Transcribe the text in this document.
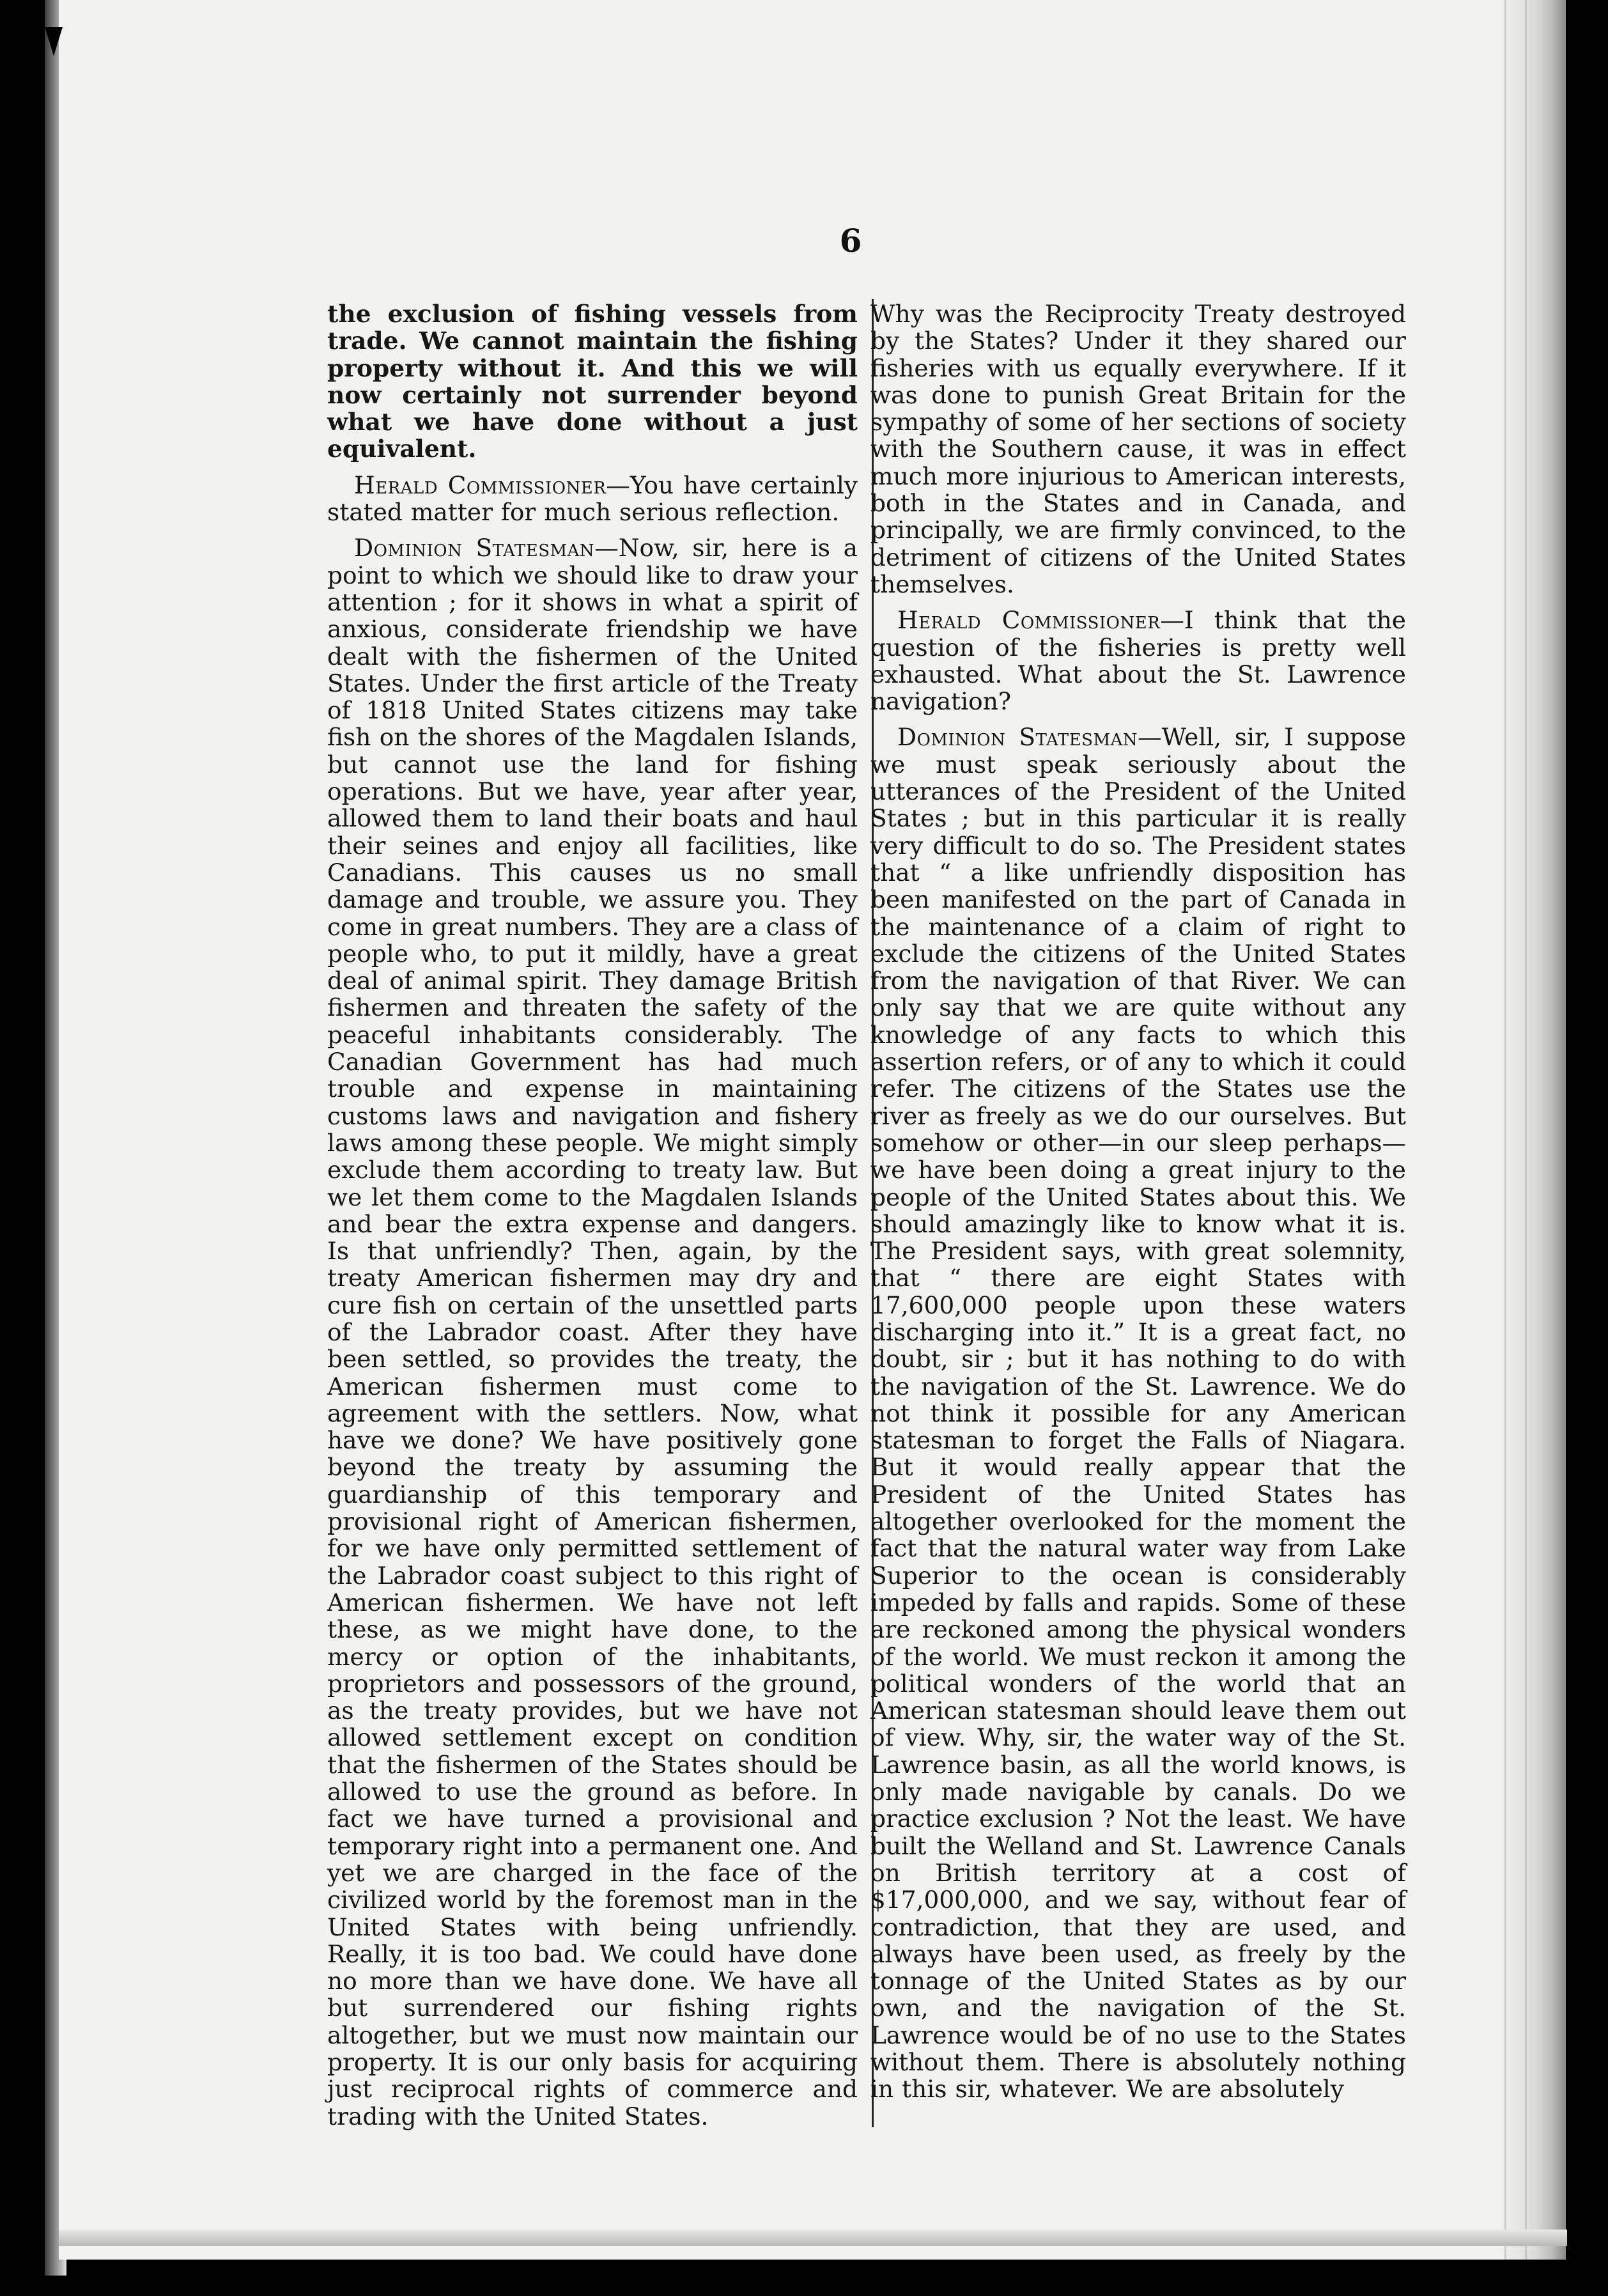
6

the exclusion of fishing vessels from trade. We cannot maintain the fishing property without it. And this we will now certainly not surrender beyond what we have done without a just equivalent.

Herald Commissioner—You have certainly stated matter for much serious reflection.

Dominion Statesman—Now, sir, here is a point to which we should like to draw your attention ; for it shows in what a spirit of anxious, considerate friendship we have dealt with the fishermen of the United States. Under the first article of the Treaty of 1818 United States citizens may take fish on the shores of the Magdalen Islands, but cannot use the land for fishing operations. But we have, year after year, allowed them to land their boats and haul their seines and enjoy all facilities, like Canadians. This causes us no small damage and trouble, we assure you. They come in great numbers. They are a class of people who, to put it mildly, have a great deal of animal spirit. They damage British fishermen and threaten the safety of the peaceful inhabitants considerably. The Canadian Government has had much trouble and expense in maintaining customs laws and navigation and fishery laws among these people. We might simply exclude them according to treaty law. But we let them come to the Magdalen Islands and bear the extra expense and dangers. Is that unfriendly? Then, again, by the treaty American fishermen may dry and cure fish on certain of the unsettled parts of the Labrador coast. After they have been settled, so provides the treaty, the American fishermen must come to agreement with the settlers. Now, what have we done? We have positively gone beyond the treaty by assuming the guardianship of this temporary and provisional right of American fishermen, for we have only permitted settlement of the Labrador coast subject to this right of American fishermen. We have not left these, as we might have done, to the mercy or option of the inhabitants, proprietors and possessors of the ground, as the treaty provides, but we have not allowed settlement except on condition that the fishermen of the States should be allowed to use the ground as before. In fact we have turned a provisional and temporary right into a permanent one. And yet we are charged in the face of the civilized world by the foremost man in the United States with being unfriendly. Really, it is too bad. We could have done no more than we have done. We have all but surrendered our fishing rights altogether, but we must now maintain our property. It is our only basis for acquiring just reciprocal rights of commerce and trading with the United States.

Why was the Reciprocity Treaty destroyed by the States? Under it they shared our fisheries with us equally everywhere. If it was done to punish Great Britain for the sympathy of some of her sections of society with the Southern cause, it was in effect much more injurious to American interests, both in the States and in Canada, and principally, we are firmly convinced, to the detriment of citizens of the United States themselves.

Herald Commissioner—I think that the question of the fisheries is pretty well exhausted. What about the St. Lawrence navigation?

Dominion Statesman—Well, sir, I suppose we must speak seriously about the utterances of the President of the United States ; but in this particular it is really very difficult to do so. The President states that “ a like unfriendly disposition has been manifested on the part of Canada in the maintenance of a claim of right to exclude the citizens of the United States from the navigation of that River. We can only say that we are quite without any knowledge of any facts to which this assertion refers, or of any to which it could refer. The citizens of the States use the river as freely as we do our ourselves. But somehow or other—in our sleep perhaps—we have been doing a great injury to the people of the United States about this. We should amazingly like to know what it is. The President says, with great solemnity, that “ there are eight States with 17,600,000 people upon these waters discharging into it.” It is a great fact, no doubt, sir ; but it has nothing to do with the navigation of the St. Lawrence. We do not think it possible for any American statesman to forget the Falls of Niagara. But it would really appear that the President of the United States has altogether overlooked for the moment the fact that the natural water way from Lake Superior to the ocean is considerably impeded by falls and rapids. Some of these are reckoned among the physical wonders of the world. We must reckon it among the political wonders of the world that an American statesman should leave them out of view. Why, sir, the water way of the St. Lawrence basin, as all the world knows, is only made navigable by canals. Do we practice exclusion ? Not the least. We have built the Welland and St. Lawrence Canals on British territory at a cost of $17,000,000, and we say, without fear of contradiction, that they are used, and always have been used, as freely by the tonnage of the United States as by our own, and the navigation of the St. Lawrence would be of no use to the States without them. There is absolutely nothing in this sir, whatever. We are absolutely
